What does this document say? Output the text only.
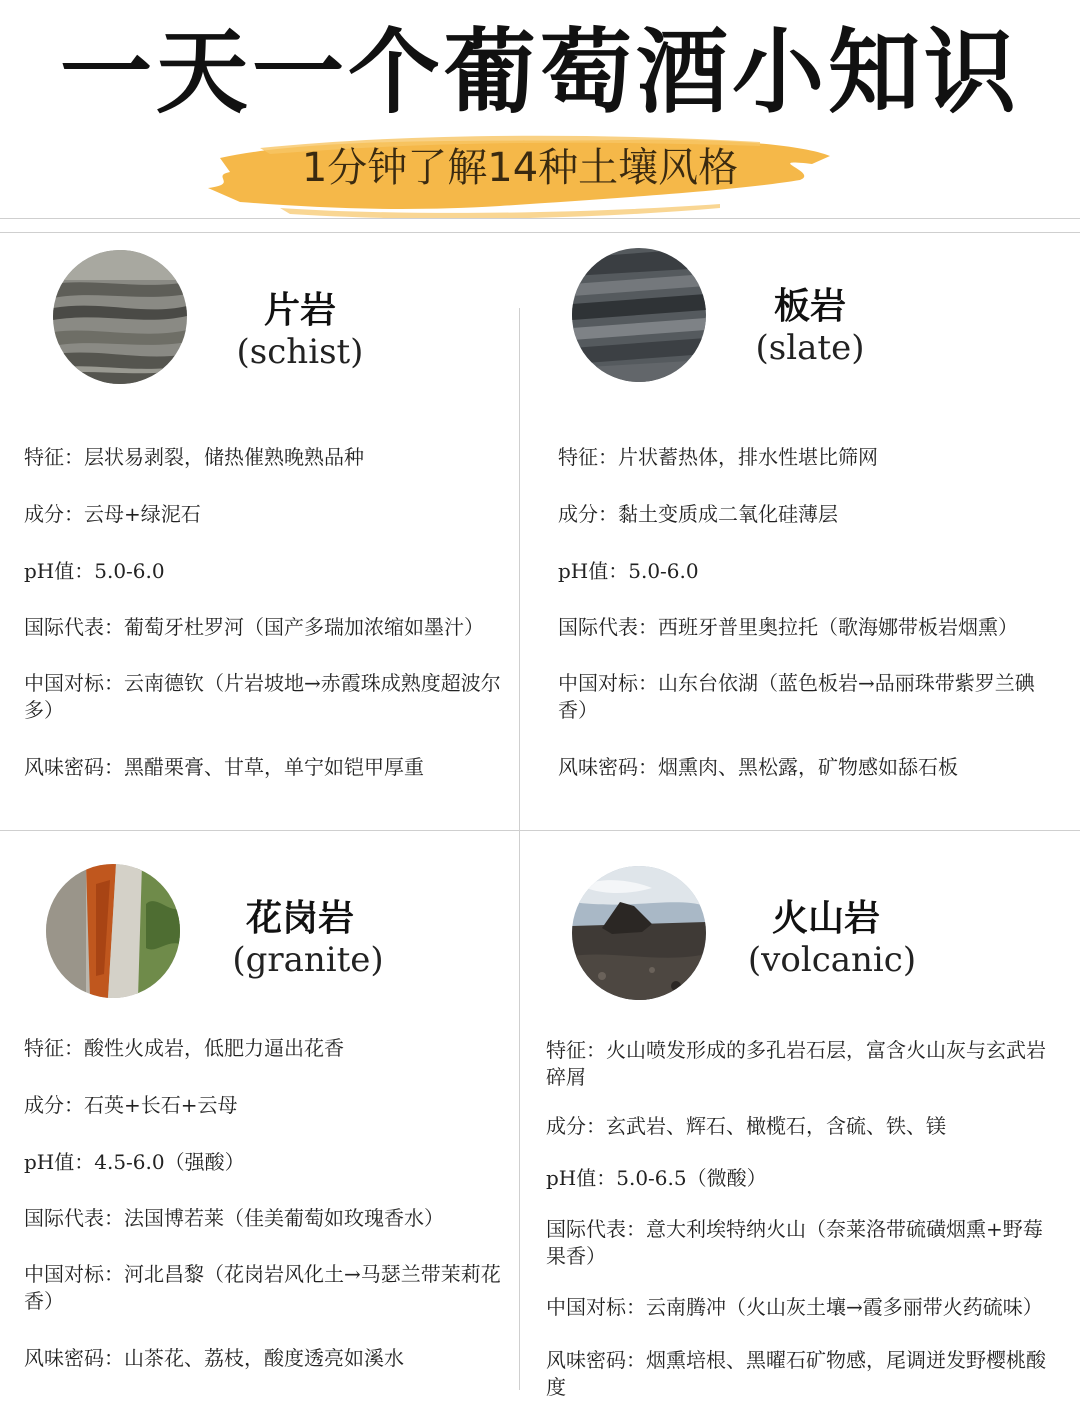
一天一个葡萄酒小知识
1分钟了解14种土壤风格
片岩
(schist)
特征：层状易剥裂，储热催熟晚熟品种
成分：云母+绿泥石
pH值：5.0-6.0
国际代表：葡萄牙杜罗河（国产多瑞加浓缩如墨汁）
中国对标：云南德钦（片岩坡地→赤霞珠成熟度超波尔多）
风味密码：黑醋栗膏、甘草，单宁如铠甲厚重
板岩
(slate)
特征：片状蓄热体，排水性堪比筛网
成分：黏土变质成二氧化硅薄层
pH值：5.0-6.0
国际代表：西班牙普里奥拉托（歌海娜带板岩烟熏）
中国对标：山东台依湖（蓝色板岩→品丽珠带紫罗兰碘香）
风味密码：烟熏肉、黑松露，矿物感如舔石板
花岗岩
(granite)
特征：酸性火成岩，低肥力逼出花香
成分：石英+长石+云母
pH值：4.5-6.0（强酸）
国际代表：法国博若莱（佳美葡萄如玫瑰香水）
中国对标：河北昌黎（花岗岩风化土→马瑟兰带茉莉花香）
风味密码：山茶花、荔枝，酸度透亮如溪水
火山岩
(volcanic)
特征：火山喷发形成的多孔岩石层，富含火山灰与玄武岩碎屑
成分：玄武岩、辉石、橄榄石，含硫、铁、镁
pH值：5.0-6.5（微酸）
国际代表：意大利埃特纳火山（奈莱洛带硫磺烟熏+野莓果香）
中国对标：云南腾冲（火山灰土壤→霞多丽带火药硫味）
风味密码：烟熏培根、黑曜石矿物感，尾调迸发野樱桃酸度
